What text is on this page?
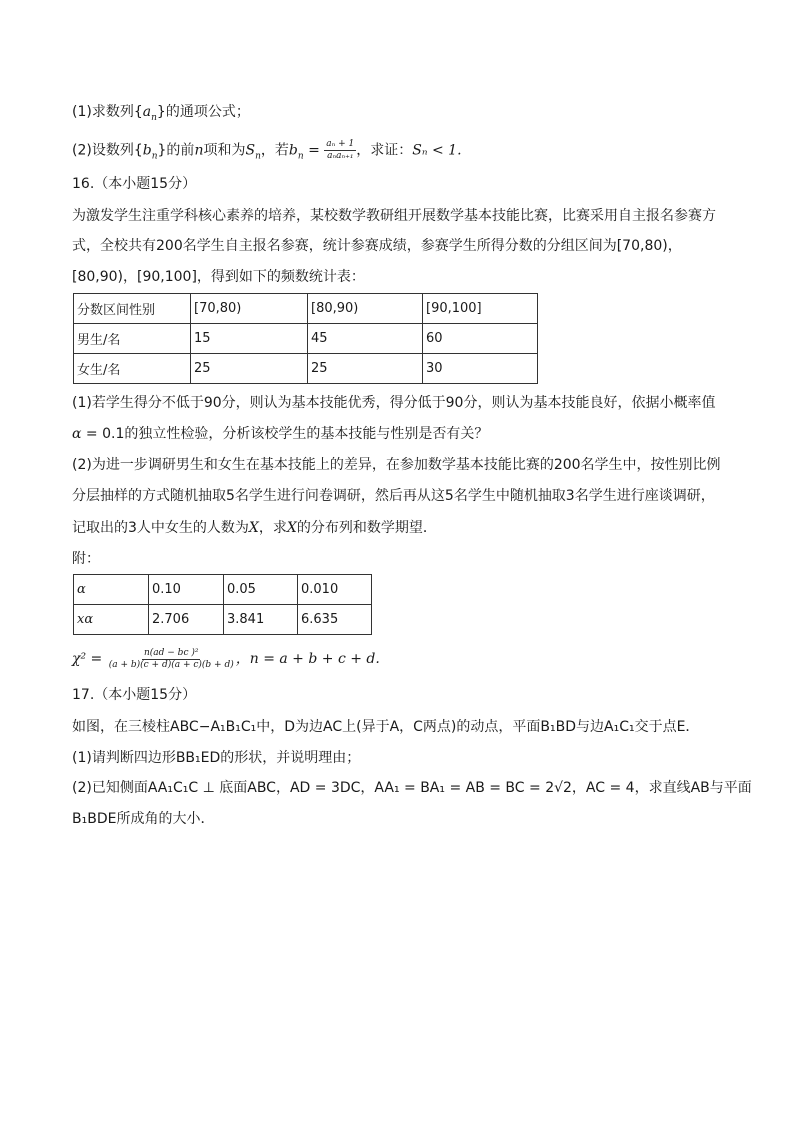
(1)求数列$\{a_n\}$的通项公式；
(2)设数列$\{b_n\}$的前n项和为$S_n$，若$b_n = \frac{\text{aₙ + 1}}{\text{aₙaₙ₊₁}}$ ，求证：Sₙ < 1.
16.（本小题15分）
为激发学生注重学科核心素养的培养，某校数学教研组开展数学基本技能比赛，比赛采用自主报名参赛方
式，全校共有200名学生自主报名参赛，统计参赛成绩，参赛学生所得分数的分组区间为[70,80)，
[80,90)，[90,100]，得到如下的频数统计表：
分数区间性别	[70,80)	[80,90)	[90,100]
男生/名	15	45	60
女生/名	25	25	30
(1)若学生得分不低于90分，则认为基本技能优秀，得分低于90分，则认为基本技能良好，依据小概率值
α = 0.1的独立性检验，分析该校学生的基本技能与性别是否有关？
(2)为进一步调研男生和女生在基本技能上的差异，在参加数学基本技能比赛的200名学生中，按性别比例
分层抽样的方式随机抽取5名学生进行问卷调研，然后再从这5名学生中随机抽取3名学生进行座谈调研，
记取出的3人中女生的人数为X，求X的分布列和数学期望．
附：
α	0.10	0.05	0.010
xα	2.706	3.841	6.635
$\chi^2 = \frac{\text{n(ad − bc )²}}{(a + b)(c + d)(a + c)(b + d)}$ ，n = a + b + c + d.
17.（本小题15分）
如图，在三棱柱ABC−A₁B₁C₁中，D为边AC上(异于A，C两点)的动点，平面B₁BD与边A₁C₁交于点E．
(1)请判断四边形BB₁ED的形状，并说明理由；
(2)已知侧面AA₁C₁C ⊥ 底面ABC，AD = 3DC，AA₁ = BA₁ = AB = BC = 2√2，AC = 4，求直线AB与平面
B₁BDE所成角的大小．
